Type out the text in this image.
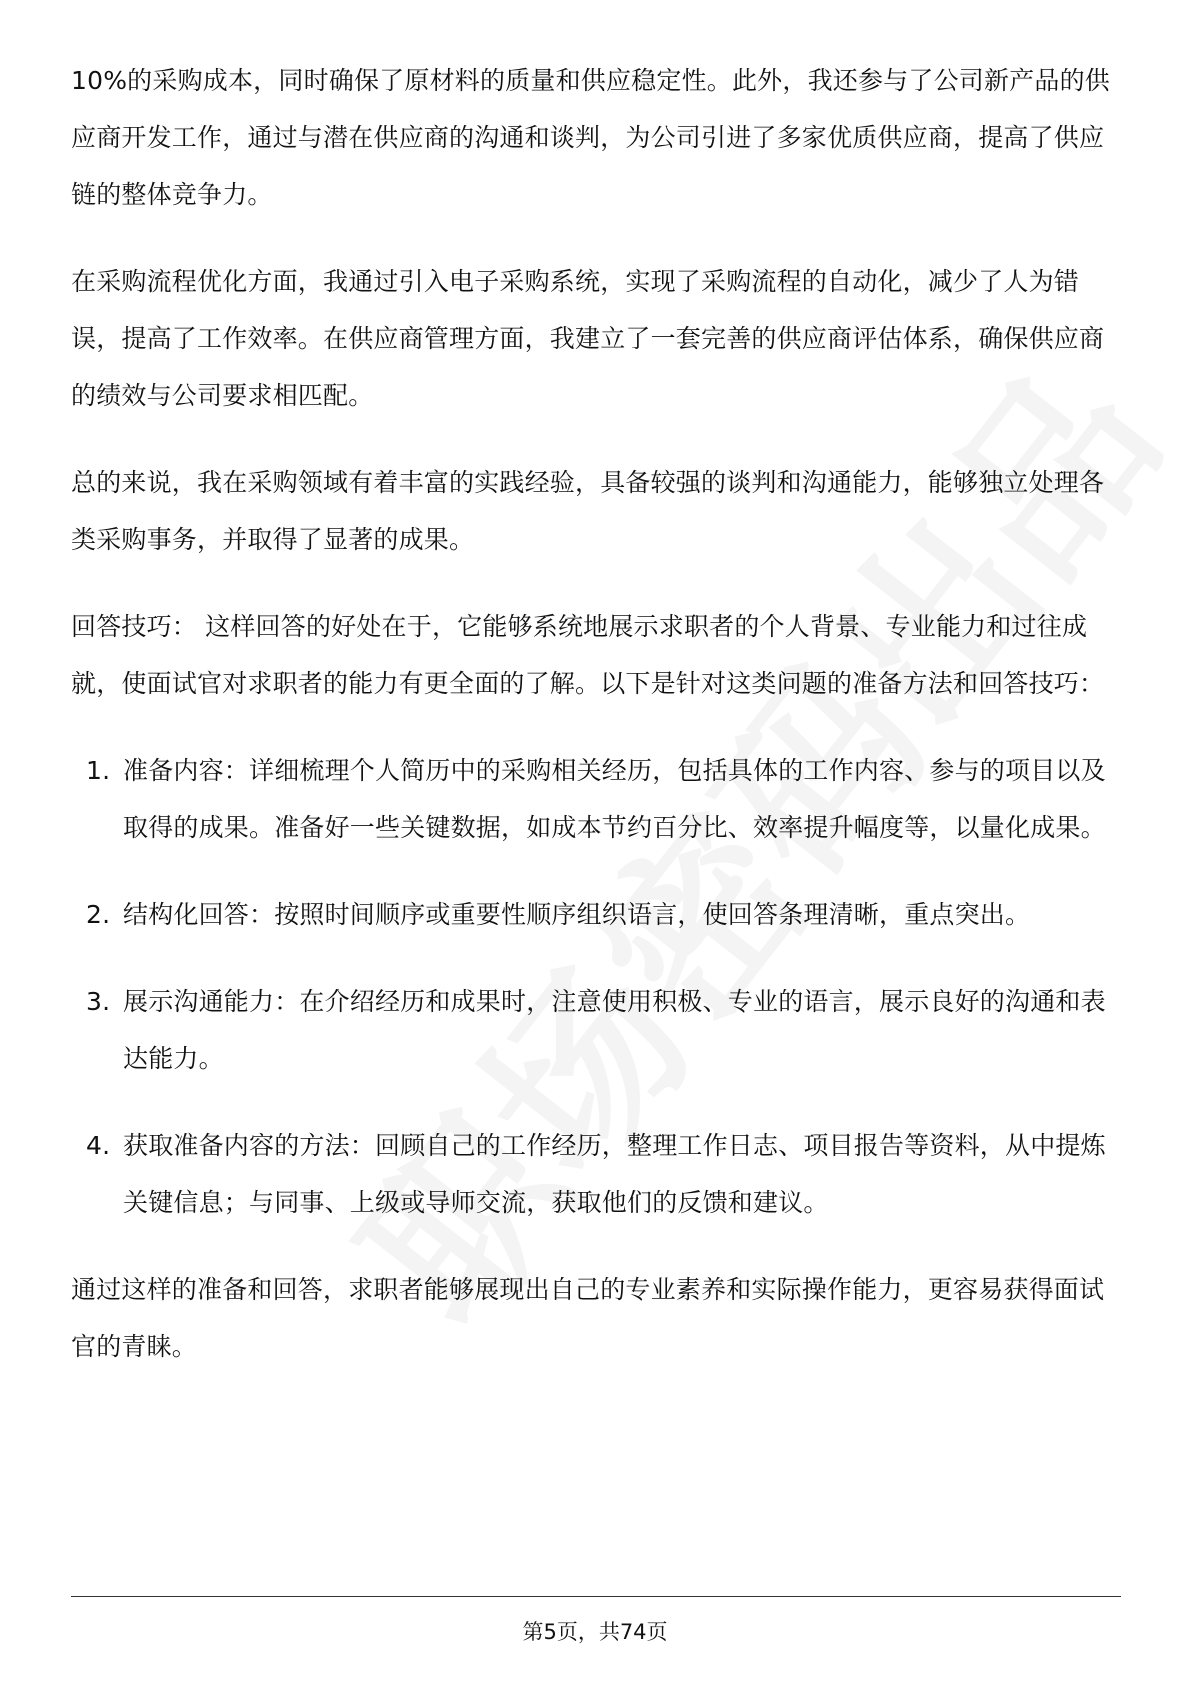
10%的采购成本，同时确保了原材料的质量和供应稳定性。此外，我还参与了公司新产品的供应商开发工作，通过与潜在供应商的沟通和谈判，为公司引进了多家优质供应商，提高了供应链的整体竞争力。

在采购流程优化方面，我通过引入电子采购系统，实现了采购流程的自动化，减少了人为错误，提高了工作效率。在供应商管理方面，我建立了一套完善的供应商评估体系，确保供应商的绩效与公司要求相匹配。

总的来说，我在采购领域有着丰富的实践经验，具备较强的谈判和沟通能力，能够独立处理各类采购事务，并取得了显著的成果。

回答技巧： 这样回答的好处在于，它能够系统地展示求职者的个人背景、专业能力和过往成就，使面试官对求职者的能力有更全面的了解。以下是针对这类问题的准备方法和回答技巧：

1. 准备内容：详细梳理个人简历中的采购相关经历，包括具体的工作内容、参与的项目以及取得的成果。准备好一些关键数据，如成本节约百分比、效率提升幅度等，以量化成果。
2. 结构化回答：按照时间顺序或重要性顺序组织语言，使回答条理清晰，重点突出。
3. 展示沟通能力：在介绍经历和成果时，注意使用积极、专业的语言，展示良好的沟通和表达能力。
4. 获取准备内容的方法：回顾自己的工作经历，整理工作日志、项目报告等资料，从中提炼关键信息；与同事、上级或导师交流，获取他们的反馈和建议。

通过这样的准备和回答，求职者能够展现出自己的专业素养和实际操作能力，更容易获得面试官的青睐。

第5页，共74页
